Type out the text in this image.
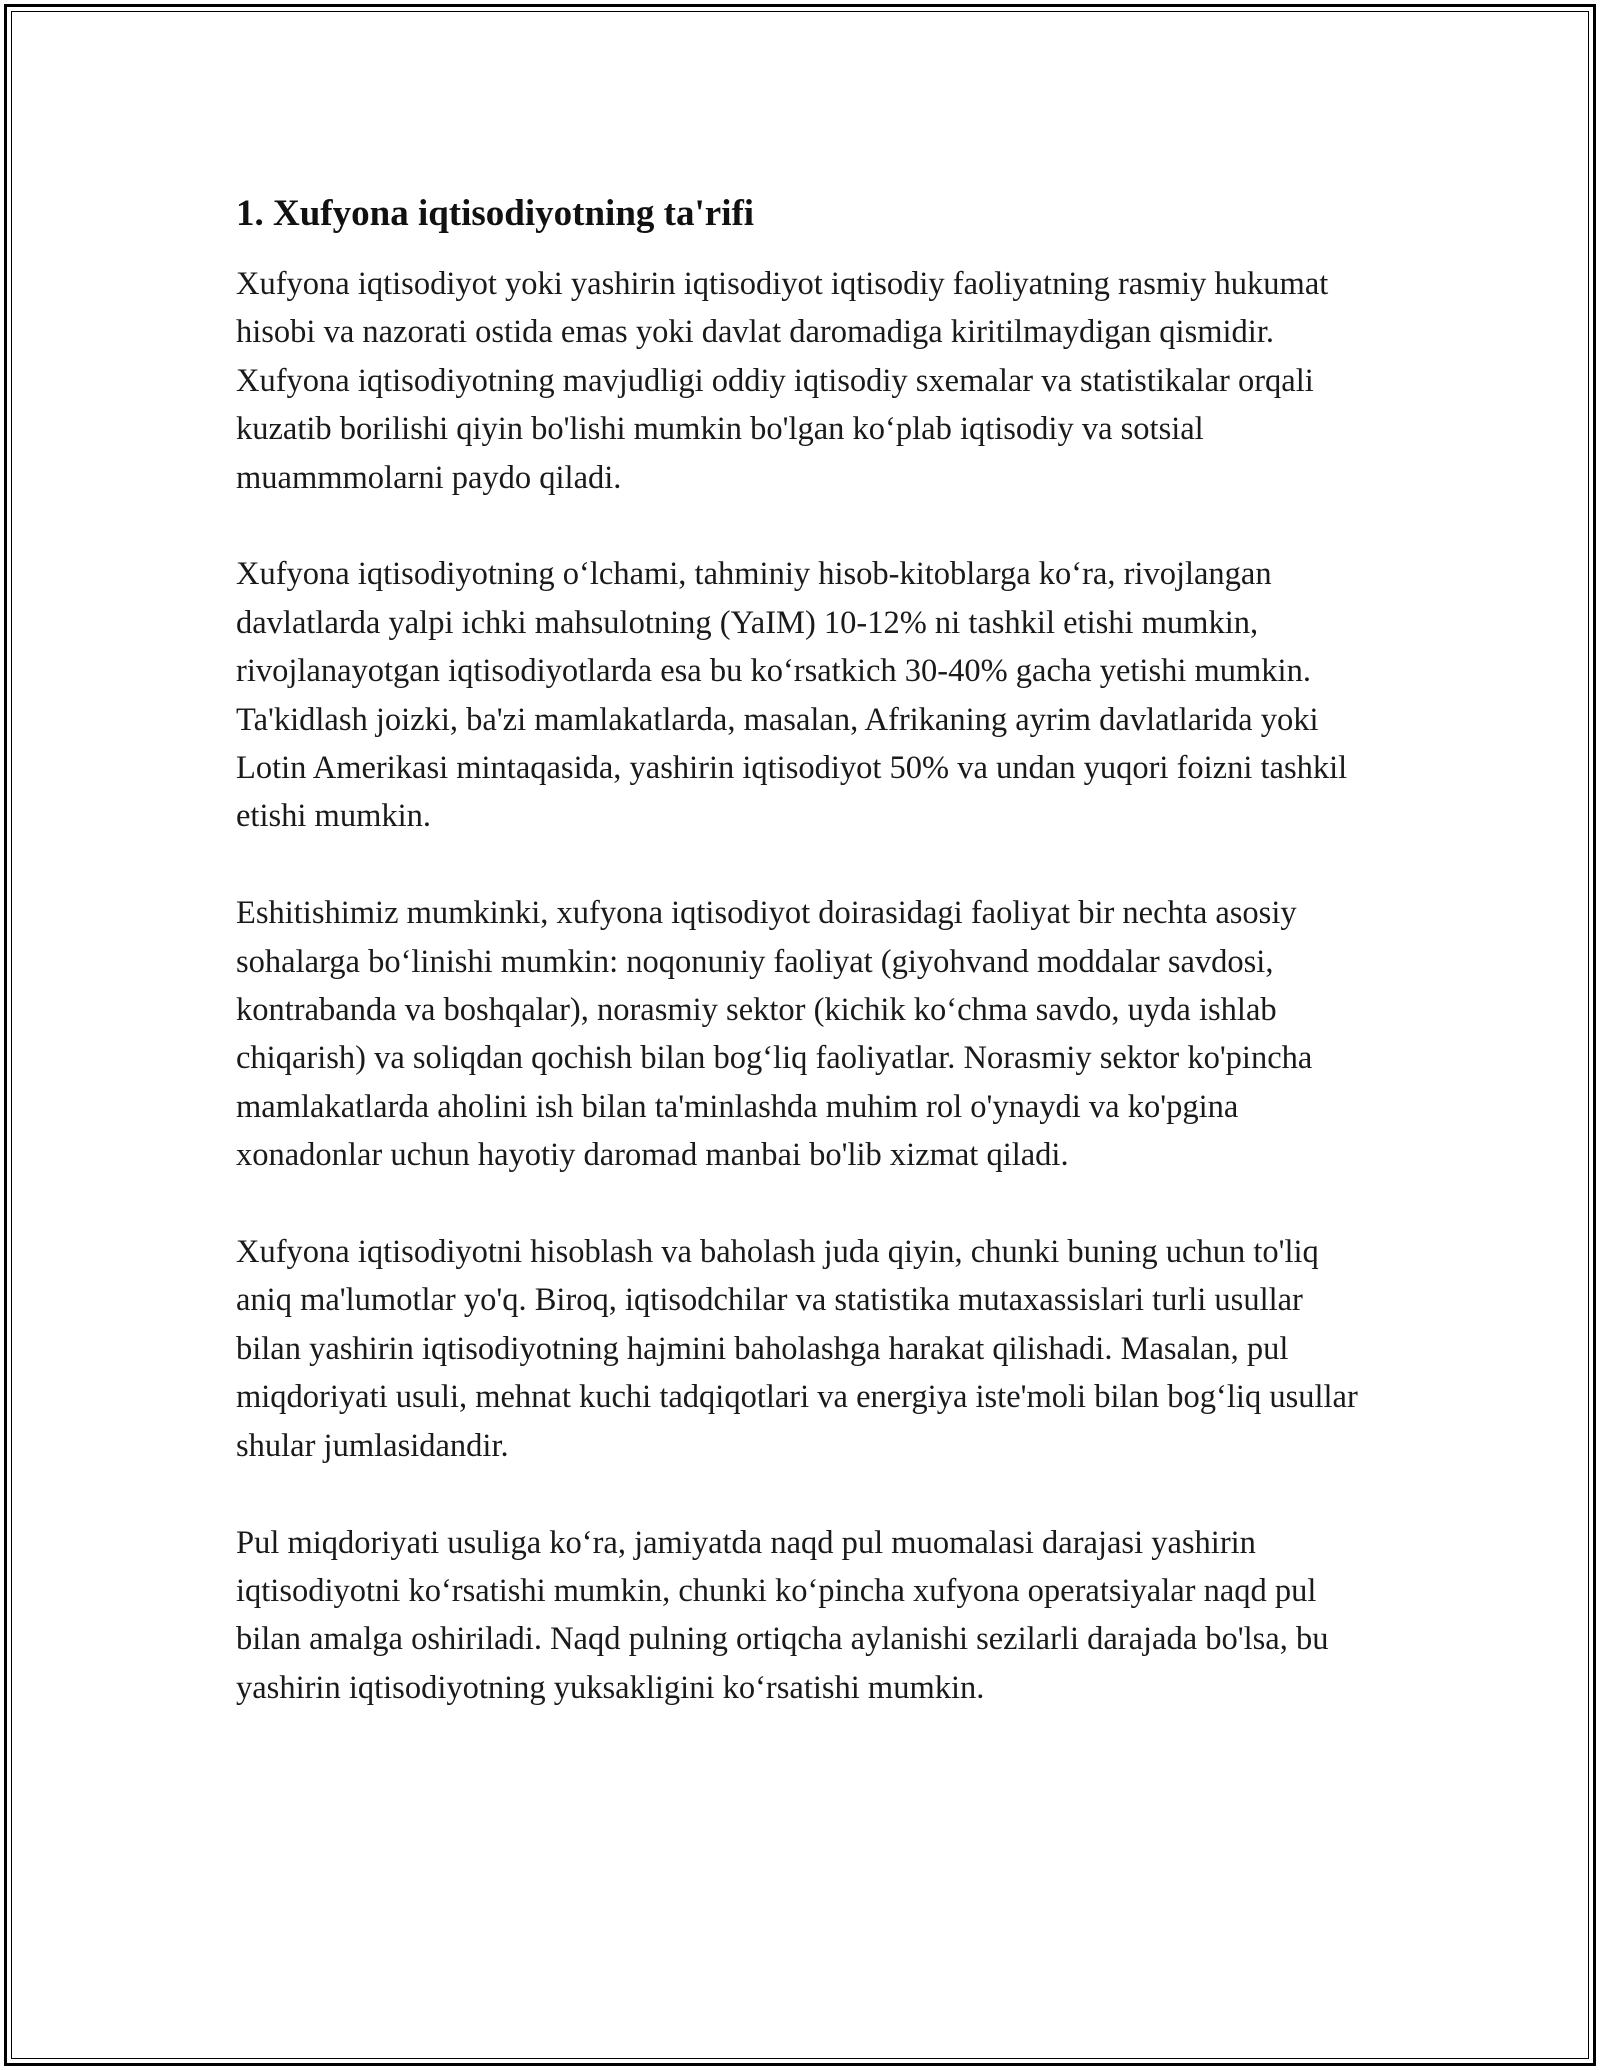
1. Xufyona iqtisodiyotning ta'rifi

Xufyona iqtisodiyot yoki yashirin iqtisodiyot iqtisodiy faoliyatning rasmiy hukumat hisobi va nazorati ostida emas yoki davlat daromadiga kiritilmaydigan qismidir. Xufyona iqtisodiyotning mavjudligi oddiy iqtisodiy sxemalar va statistikalar orqali kuzatib borilishi qiyin bo'lishi mumkin bo'lgan ko‘plab iqtisodiy va sotsial muammmolarni paydo qiladi.

Xufyona iqtisodiyotning o‘lchami, tahminiy hisob-kitoblarga ko‘ra, rivojlangan davlatlarda yalpi ichki mahsulotning (YaIM) 10-12% ni tashkil etishi mumkin, rivojlanayotgan iqtisodiyotlarda esa bu ko‘rsatkich 30-40% gacha yetishi mumkin. Ta'kidlash joizki, ba'zi mamlakatlarda, masalan, Afrikaning ayrim davlatlarida yoki Lotin Amerikasi mintaqasida, yashirin iqtisodiyot 50% va undan yuqori foizni tashkil etishi mumkin.

Eshitishimiz mumkinki, xufyona iqtisodiyot doirasidagi faoliyat bir nechta asosiy sohalarga bo‘linishi mumkin: noqonuniy faoliyat (giyohvand moddalar savdosi, kontrabanda va boshqalar), norasmiy sektor (kichik ko‘chma savdo, uyda ishlab chiqarish) va soliqdan qochish bilan bog‘liq faoliyatlar. Norasmiy sektor ko'pincha mamlakatlarda aholini ish bilan ta'minlashda muhim rol o'ynaydi va ko'pgina xonadonlar uchun hayotiy daromad manbai bo'lib xizmat qiladi.

Xufyona iqtisodiyotni hisoblash va baholash juda qiyin, chunki buning uchun to'liq aniq ma'lumotlar yo'q. Biroq, iqtisodchilar va statistika mutaxassislari turli usullar bilan yashirin iqtisodiyotning hajmini baholashga harakat qilishadi. Masalan, pul miqdoriyati usuli, mehnat kuchi tadqiqotlari va energiya iste'moli bilan bog‘liq usullar shular jumlasidandir.

Pul miqdoriyati usuliga ko‘ra, jamiyatda naqd pul muomalasi darajasi yashirin iqtisodiyotni ko‘rsatishi mumkin, chunki ko‘pincha xufyona operatsiyalar naqd pul bilan amalga oshiriladi. Naqd pulning ortiqcha aylanishi sezilarli darajada bo'lsa, bu yashirin iqtisodiyotning yuksakligini ko‘rsatishi mumkin.
